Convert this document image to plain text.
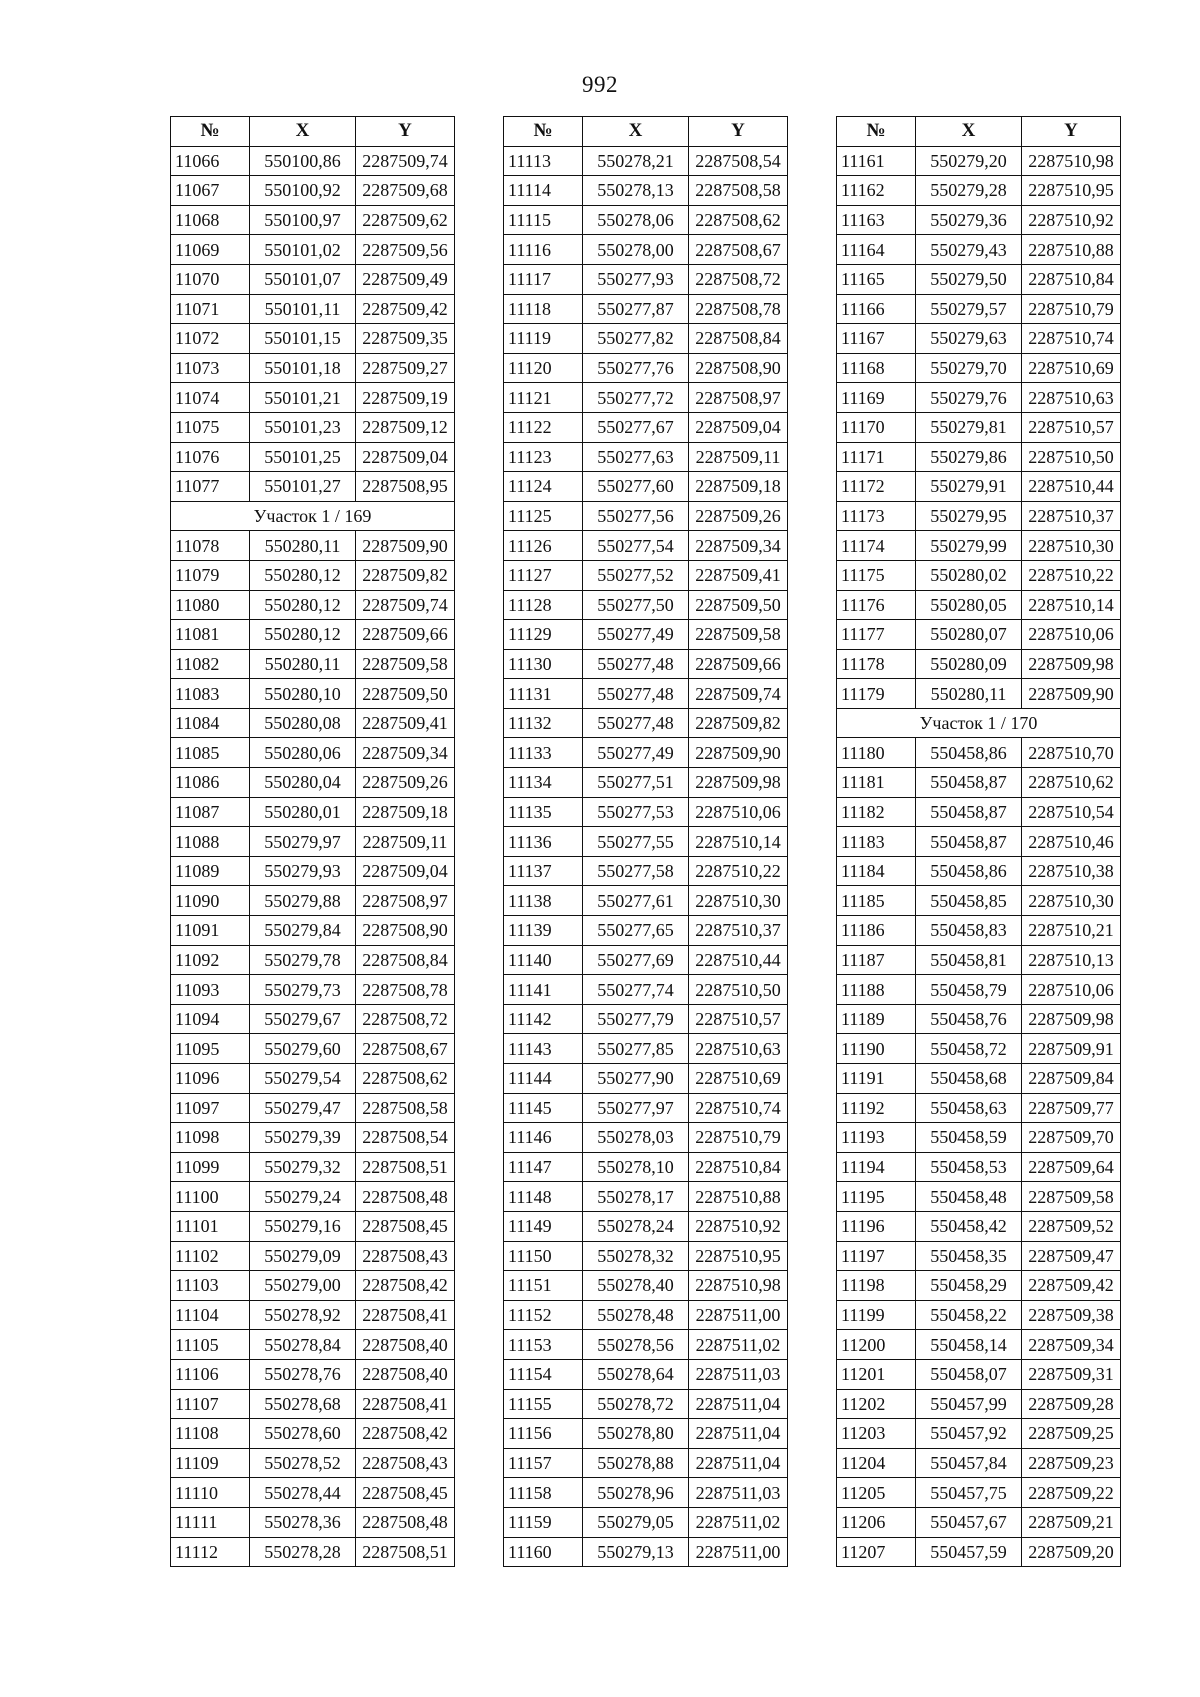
992
№	X	Y
11066	550100,86	2287509,74
11067	550100,92	2287509,68
11068	550100,97	2287509,62
11069	550101,02	2287509,56
11070	550101,07	2287509,49
11071	550101,11	2287509,42
11072	550101,15	2287509,35
11073	550101,18	2287509,27
11074	550101,21	2287509,19
11075	550101,23	2287509,12
11076	550101,25	2287509,04
11077	550101,27	2287508,95
Участок 1 / 169		
11078	550280,11	2287509,90
11079	550280,12	2287509,82
11080	550280,12	2287509,74
11081	550280,12	2287509,66
11082	550280,11	2287509,58
11083	550280,10	2287509,50
11084	550280,08	2287509,41
11085	550280,06	2287509,34
11086	550280,04	2287509,26
11087	550280,01	2287509,18
11088	550279,97	2287509,11
11089	550279,93	2287509,04
11090	550279,88	2287508,97
11091	550279,84	2287508,90
11092	550279,78	2287508,84
11093	550279,73	2287508,78
11094	550279,67	2287508,72
11095	550279,60	2287508,67
11096	550279,54	2287508,62
11097	550279,47	2287508,58
11098	550279,39	2287508,54
11099	550279,32	2287508,51
11100	550279,24	2287508,48
11101	550279,16	2287508,45
11102	550279,09	2287508,43
11103	550279,00	2287508,42
11104	550278,92	2287508,41
11105	550278,84	2287508,40
11106	550278,76	2287508,40
11107	550278,68	2287508,41
11108	550278,60	2287508,42
11109	550278,52	2287508,43
11110	550278,44	2287508,45
11111	550278,36	2287508,48
11112	550278,28	2287508,51
№	X	Y
11113	550278,21	2287508,54
11114	550278,13	2287508,58
11115	550278,06	2287508,62
11116	550278,00	2287508,67
11117	550277,93	2287508,72
11118	550277,87	2287508,78
11119	550277,82	2287508,84
11120	550277,76	2287508,90
11121	550277,72	2287508,97
11122	550277,67	2287509,04
11123	550277,63	2287509,11
11124	550277,60	2287509,18
11125	550277,56	2287509,26
11126	550277,54	2287509,34
11127	550277,52	2287509,41
11128	550277,50	2287509,50
11129	550277,49	2287509,58
11130	550277,48	2287509,66
11131	550277,48	2287509,74
11132	550277,48	2287509,82
11133	550277,49	2287509,90
11134	550277,51	2287509,98
11135	550277,53	2287510,06
11136	550277,55	2287510,14
11137	550277,58	2287510,22
11138	550277,61	2287510,30
11139	550277,65	2287510,37
11140	550277,69	2287510,44
11141	550277,74	2287510,50
11142	550277,79	2287510,57
11143	550277,85	2287510,63
11144	550277,90	2287510,69
11145	550277,97	2287510,74
11146	550278,03	2287510,79
11147	550278,10	2287510,84
11148	550278,17	2287510,88
11149	550278,24	2287510,92
11150	550278,32	2287510,95
11151	550278,40	2287510,98
11152	550278,48	2287511,00
11153	550278,56	2287511,02
11154	550278,64	2287511,03
11155	550278,72	2287511,04
11156	550278,80	2287511,04
11157	550278,88	2287511,04
11158	550278,96	2287511,03
11159	550279,05	2287511,02
11160	550279,13	2287511,00
№	X	Y
11161	550279,20	2287510,98
11162	550279,28	2287510,95
11163	550279,36	2287510,92
11164	550279,43	2287510,88
11165	550279,50	2287510,84
11166	550279,57	2287510,79
11167	550279,63	2287510,74
11168	550279,70	2287510,69
11169	550279,76	2287510,63
11170	550279,81	2287510,57
11171	550279,86	2287510,50
11172	550279,91	2287510,44
11173	550279,95	2287510,37
11174	550279,99	2287510,30
11175	550280,02	2287510,22
11176	550280,05	2287510,14
11177	550280,07	2287510,06
11178	550280,09	2287509,98
11179	550280,11	2287509,90
Участок 1 / 170		
11180	550458,86	2287510,70
11181	550458,87	2287510,62
11182	550458,87	2287510,54
11183	550458,87	2287510,46
11184	550458,86	2287510,38
11185	550458,85	2287510,30
11186	550458,83	2287510,21
11187	550458,81	2287510,13
11188	550458,79	2287510,06
11189	550458,76	2287509,98
11190	550458,72	2287509,91
11191	550458,68	2287509,84
11192	550458,63	2287509,77
11193	550458,59	2287509,70
11194	550458,53	2287509,64
11195	550458,48	2287509,58
11196	550458,42	2287509,52
11197	550458,35	2287509,47
11198	550458,29	2287509,42
11199	550458,22	2287509,38
11200	550458,14	2287509,34
11201	550458,07	2287509,31
11202	550457,99	2287509,28
11203	550457,92	2287509,25
11204	550457,84	2287509,23
11205	550457,75	2287509,22
11206	550457,67	2287509,21
11207	550457,59	2287509,20
